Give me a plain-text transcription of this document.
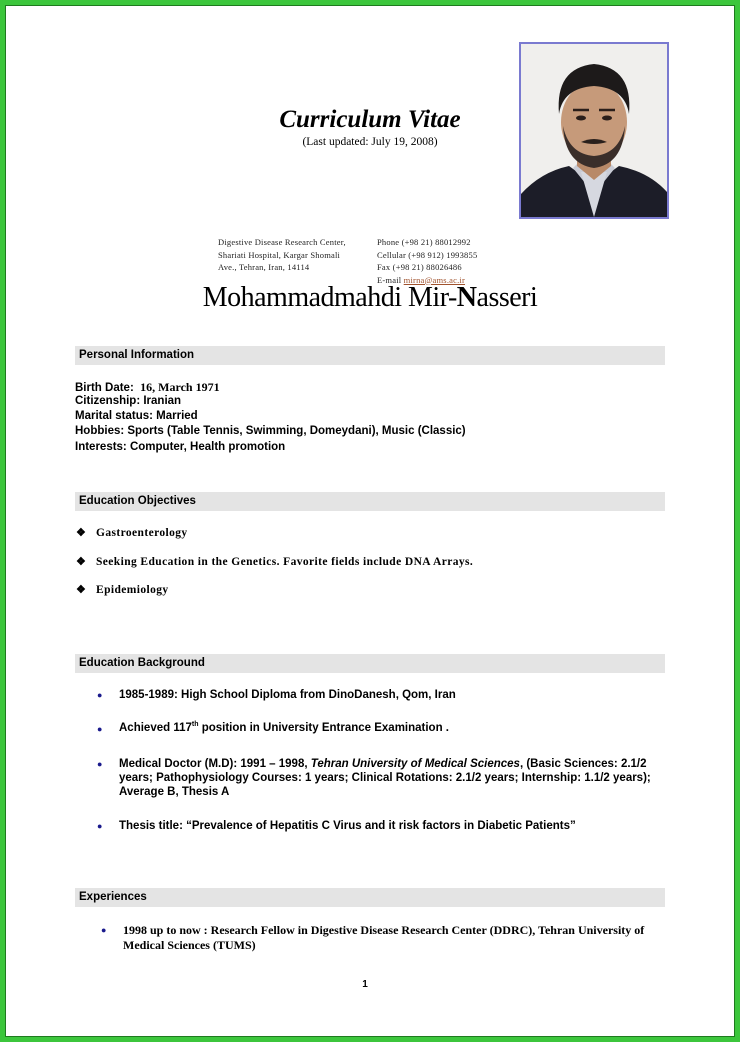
Curriculum Vitae
(Last updated: July 19, 2008)
Digestive Disease Research Center,
Shariati Hospital, Kargar Shomali
Ave., Tehran, Iran, 14114
Phone (+98 21) 88012992
Cellular (+98 912) 1993855
Fax (+98 21) 88026486
E-mail mirna@ams.ac.ir
Mohammadmahdi Mir-Nasseri
Personal Information
Birth Date: 16, March 1971
Citizenship: Iranian
Marital status: Married
Hobbies: Sports (Table Tennis, Swimming, Domeydani), Music (Classic)
Interests: Computer, Health promotion
Education Objectives
❖ Gastroenterology
❖ Seeking Education in the Genetics. Favorite fields include DNA Arrays.
❖ Epidemiology
Education Background
● 1985-1989: High School Diploma from DinoDanesh, Qom, Iran
● Achieved 117th position in University Entrance Examination .
● Medical Doctor (M.D): 1991 – 1998, Tehran University of Medical Sciences, (Basic Sciences: 2.1/2 years; Pathophysiology Courses: 1 years; Clinical Rotations: 2.1/2 years; Internship: 1.1/2 years); Average B, Thesis A
● Thesis title: “Prevalence of Hepatitis C Virus and it risk factors in Diabetic Patients”
Experiences
● 1998 up to now : Research Fellow in Digestive Disease Research Center (DDRC), Tehran University of Medical Sciences (TUMS)
1
